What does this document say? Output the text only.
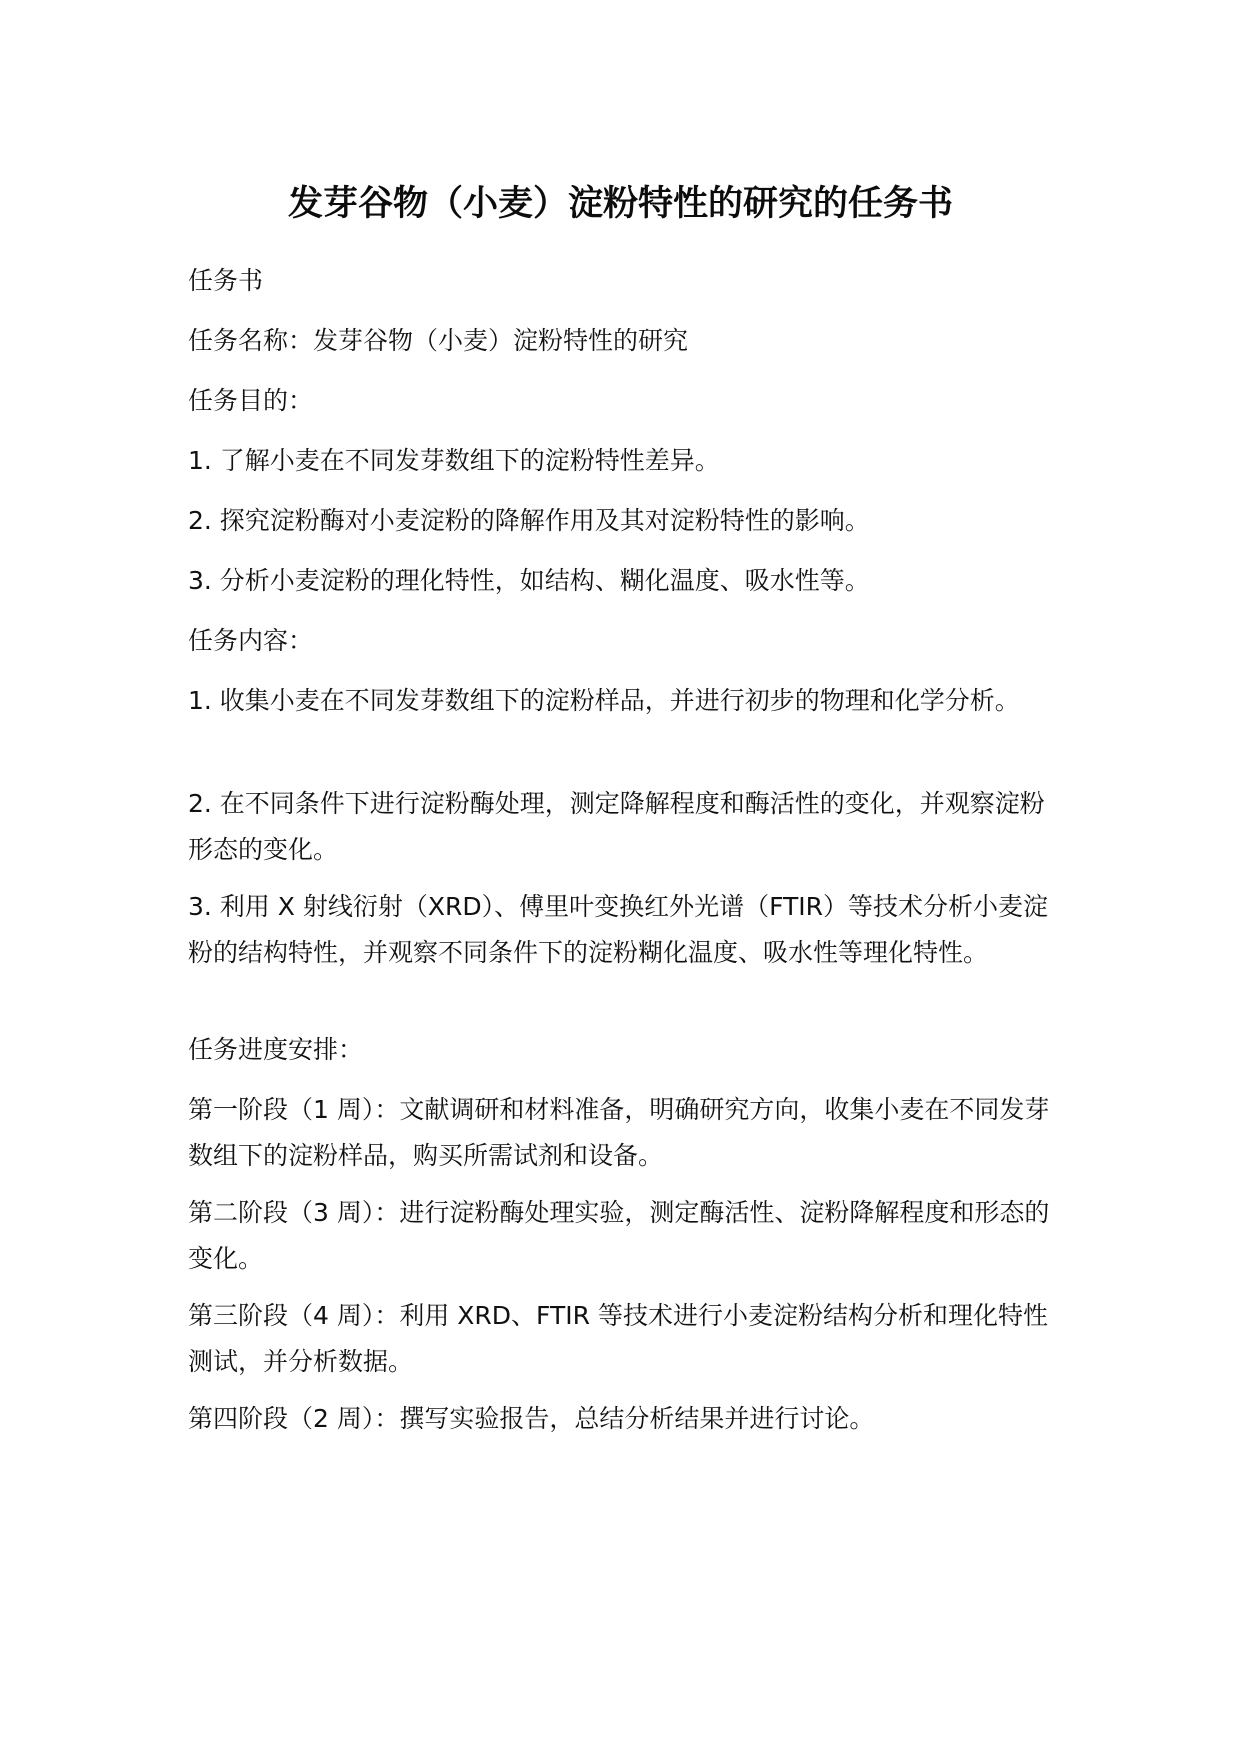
发芽谷物（小麦）淀粉特性的研究的任务书

任务书

任务名称：发芽谷物（小麦）淀粉特性的研究

任务目的：

1. 了解小麦在不同发芽数组下的淀粉特性差异。

2. 探究淀粉酶对小麦淀粉的降解作用及其对淀粉特性的影响。

3. 分析小麦淀粉的理化特性，如结构、糊化温度、吸水性等。

任务内容：

1. 收集小麦在不同发芽数组下的淀粉样品，并进行初步的物理和化学分析。

2. 在不同条件下进行淀粉酶处理，测定降解程度和酶活性的变化，并观察淀粉形态的变化。

3. 利用 X 射线衍射（XRD）、傅里叶变换红外光谱（FTIR）等技术分析小麦淀粉的结构特性，并观察不同条件下的淀粉糊化温度、吸水性等理化特性。

任务进度安排：

第一阶段（1 周）：文献调研和材料准备，明确研究方向，收集小麦在不同发芽数组下的淀粉样品，购买所需试剂和设备。

第二阶段（3 周）：进行淀粉酶处理实验，测定酶活性、淀粉降解程度和形态的变化。

第三阶段（4 周）：利用 XRD、FTIR 等技术进行小麦淀粉结构分析和理化特性测试，并分析数据。

第四阶段（2 周）：撰写实验报告，总结分析结果并进行讨论。
